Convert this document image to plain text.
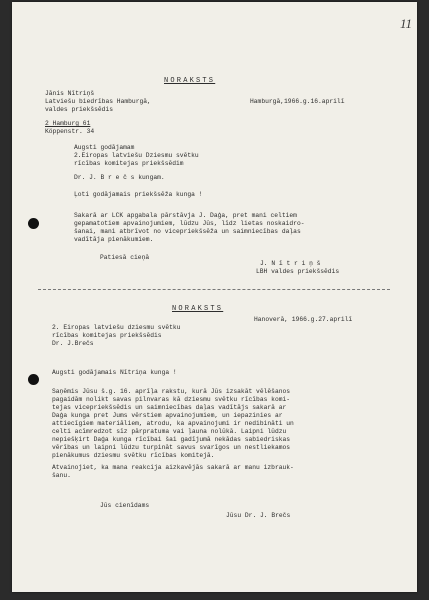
11

NORAKSTS

Jānis Nītriņš

Latviešu biedrības Hamburgā,

valdes priekšsēdis

Hamburgā,1966.g.16.aprilī

2 Hamburg 61

Köppenstr. 34

Augsti godājamam

2.Eiropas latviešu Dziesmu svētku

rīcības komitejas priekšsēdim

Dr. J. B r e č s kungam.

Ļoti godājamais priekšsēža kunga !

Sakarā ar LCK apgabala pārstāvja J. Daģa, pret mani celtiem

gepamatotiem apvainojumiem, lūdzu Jūs, līdz lietas noskaidro-

šanai, mani atbrīvot no vicepriekšsēža un saimniecības daļas

vadītāja pienākumiem.

Patiesā cieņā

J. N ī t r i ņ š

LBH valdes priekšsēdis

NORAKSTS

2. Eiropas latviešu dziesmu svētku

rīcības komitejas priekšsēdis

Dr. J.Brečs

Hanoverā, 1966.g.27.aprilī

Augsti godājamais Nītriņa kunga !

Saņēmis Jūsu š.g. 16. aprīļa rakstu, kurā Jūs izsakāt vēlēšanos

pagaidām nolikt savas pilnvaras kā dziesmu svētku rīcības komi-

tejas vicepriekšsēdis un saimniecības daļas vadītājs sakarā ar

Daģa kunga pret Jums vērstiem apvainojumiem, un iepazinies ar

attiecīgiem materiāliem, atrodu, ka apvainojumi ir nedibināti un

celti acīmredzot sīz pārpratuma vai ļauna nolūkā. Laipni lūdzu

nepiešķirt Daģa kunga rīcībai šai gadījumā nekādas sabiedriskas

vērības un laipni lūdzu turpināt savus svarīgos un nestliekamos

pienākumus dziesmu svētku rīcības komitejā.

Atvainojiet, ka mana reakcija aizkavējās sakarā ar manu izbrauk-

šanu.

Jūs cienīdams

Jūsu Dr. J. Brečs
